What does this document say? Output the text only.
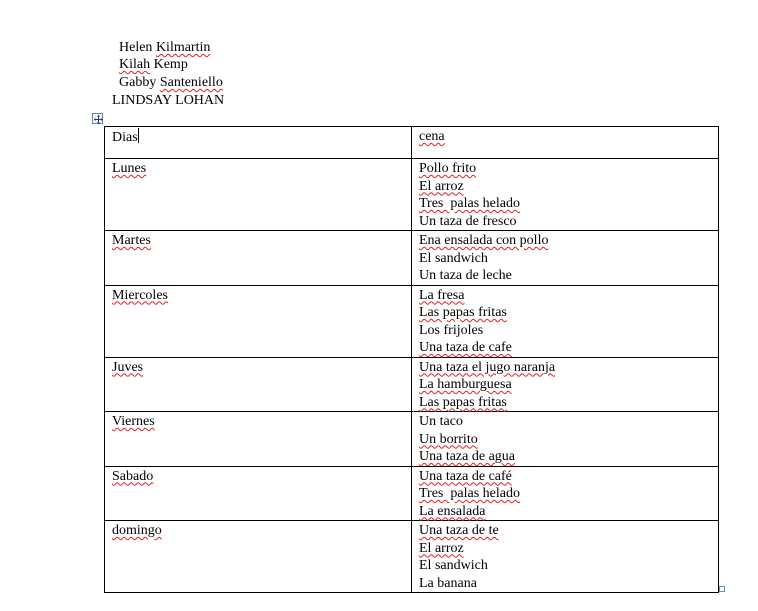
Helen Kilmartin

Kilah Kemp

Gabby Santeniello

LINDSAY LOHAN
Dias	cena
Lunes	Pollo frito
El arroz
Tres  palas helado
Un taza de fresco

Martes	Ena ensalada con pollo
El sandwich
Un taza de leche

Miercoles	La fresa
Las papas fritas
Los frijoles
Una taza de cafe

Juves	Una taza el jugo naranja
La hamburguesa
Las papas fritas

Viernes	Un taco
Un borrito
Una taza de agua

Sabado	Una taza de café
Tres  palas helado
La ensalada

domingo	Una taza de te
El arroz
El sandwich
La banana
